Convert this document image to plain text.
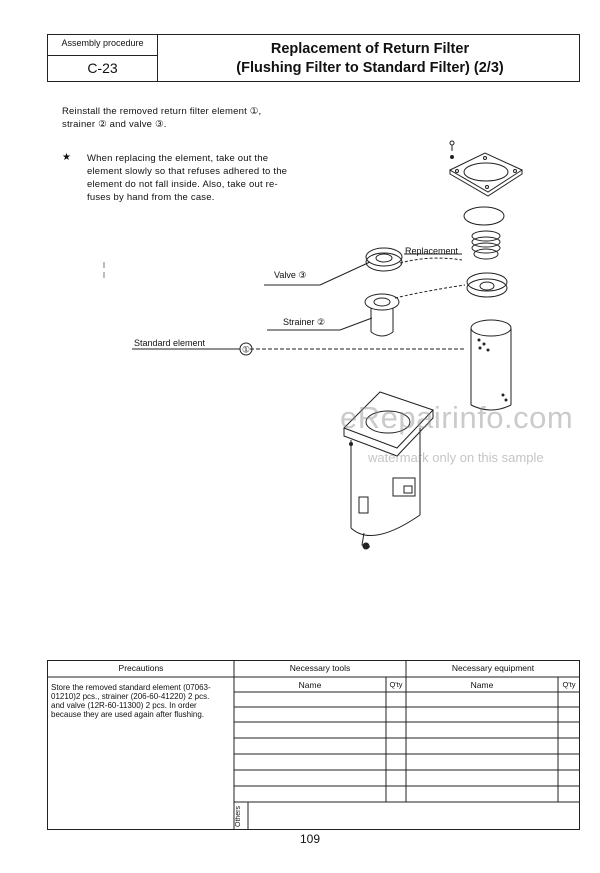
Assembly procedure
C-23
Replacement of Return Filter
(Flushing Filter to Standard Filter) (2/3)
Reinstall the removed return filter element ①,
strainer ② and valve ③.
★ When replacing the element, take out the
element slowly so that refuses adhered to the
element do not fall inside. Also, take out re-
fuses by hand from the case.
①
Replacement
Valve ③
Strainer ②
Standard element
eRepairinfo.com
watermark only on this sample
Precautions	Necessary tools	Necessary equipment
Name	Q'ty	Name	Q'ty
Store the removed standard element (07063-
01210)2 pcs., strainer (206-60-41220) 2 pcs.
and valve (12R-60-11300) 2 pcs. In order
because they are used again after flushing.
Others
109
